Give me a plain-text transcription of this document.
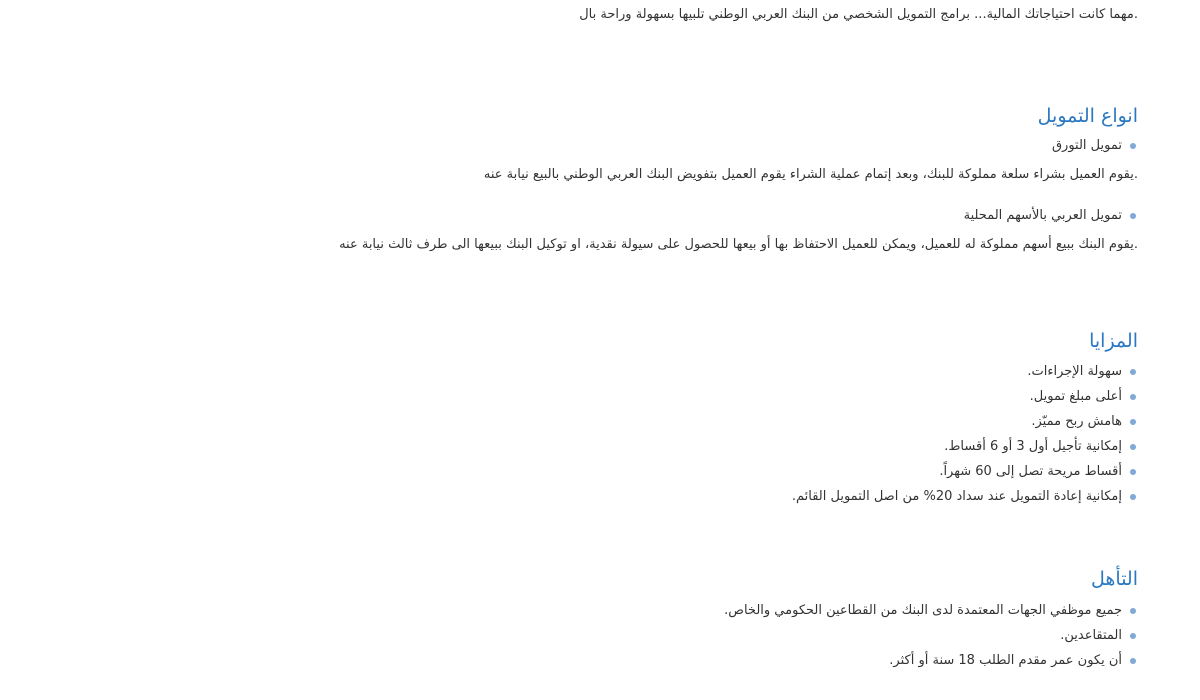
.مهما كانت احتياجاتك المالية... برامج التمويل الشخصي من البنك العربي الوطني تلبيها بسهولة وراحة بال
انواع التمويل
تمويل التورق
.يقوم العميل بشراء سلعة مملوكة للبنك، وبعد إتمام عملية الشراء يقوم العميل بتفويض البنك العربي الوطني بالبيع نيابة عنه
تمويل العربي بالأسهم المحلية
.يقوم البنك ببيع أسهم مملوكة له للعميل، ويمكن للعميل الاحتفاظ بها أو بيعها للحصول على سيولة نقدية، او توكيل البنك ببيعها الى طرف ثالث نيابة عنه
المزايا
سهولة الإجراءات.
أعلى مبلغ تمويل.
هامش ربح مميّز.
إمكانية تأجيل أول 3 أو 6 أقساط.
أقساط مريحة تصل إلى 60 شهراً.
إمكانية إعادة التمويل عند سداد 20% من اصل التمويل القائم.
التأهل
جميع موظفي الجهات المعتمدة لدى البنك من القطاعين الحكومي والخاص.
المتقاعدين.
أن يكون عمر مقدم الطلب 18 سنة أو أكثر.
